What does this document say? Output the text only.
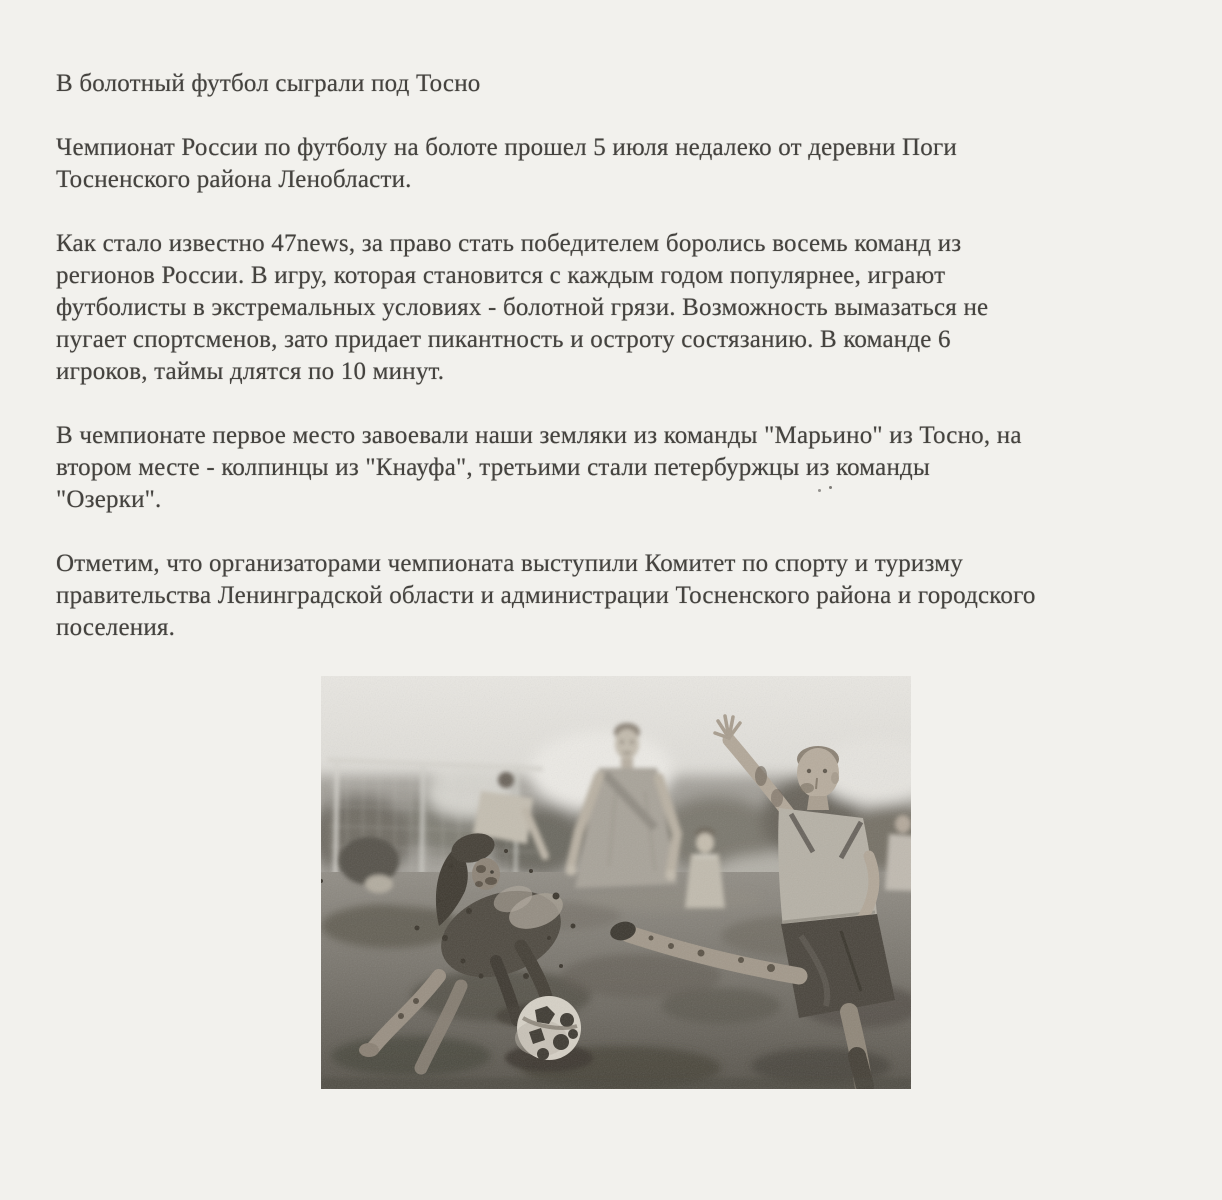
В болотный футбол сыграли под Тосно
Чемпионат России по футболу на болоте прошел 5 июля недалеко от деревни Поги
Тосненского района Ленобласти.
Как стало известно 47news, за право стать победителем боролись восемь команд из
регионов России. В игру, которая становится с каждым годом популярнее, играют
футболисты в экстремальных условиях - болотной грязи. Возможность вымазаться не
пугает спортсменов, зато придает пикантность и остроту состязанию. В команде 6
игроков, таймы длятся по 10 минут.
В чемпионате первое место завоевали наши земляки из команды "Марьино" из Тосно, на
втором месте - колпинцы из "Кнауфа", третьими стали петербуржцы из команды
"Озерки".
Отметим, что организаторами чемпионата выступили Комитет по спорту и туризму
правительства Ленинградской области и администрации Тосненского района и городского
поселения.
